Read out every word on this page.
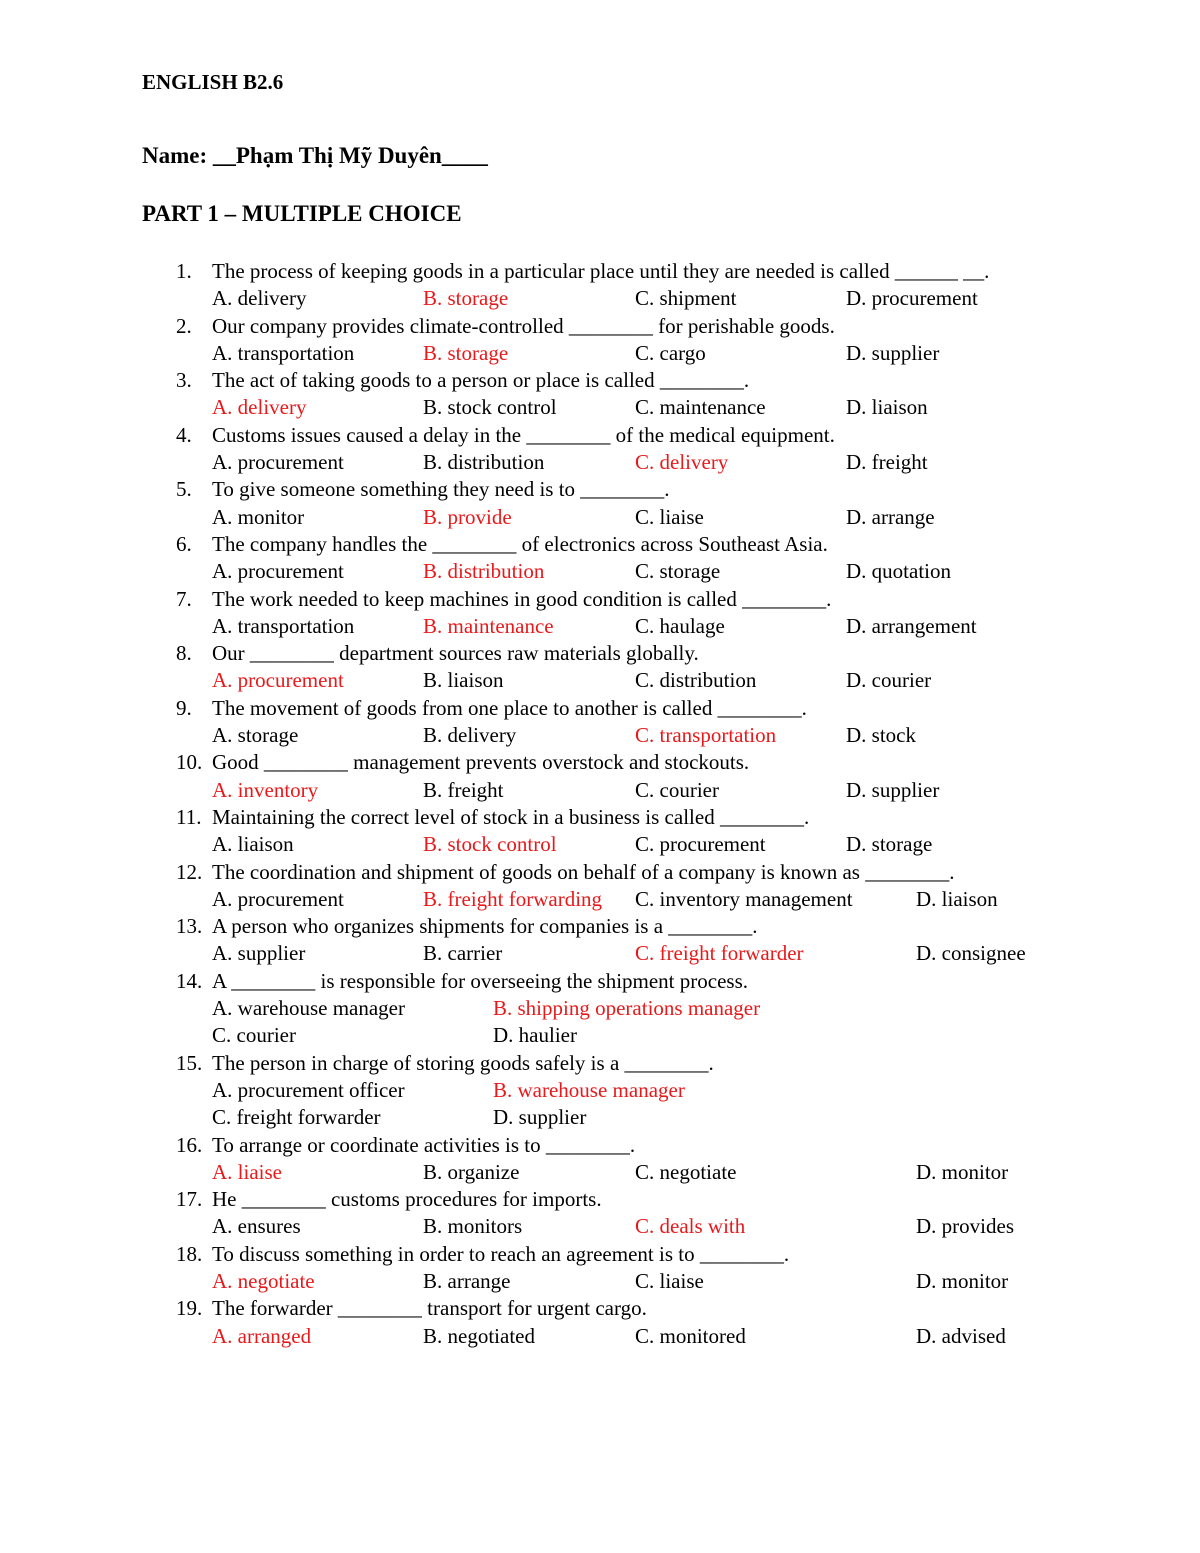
ENGLISH B2.6

Name: __Phạm Thị Mỹ Duyên____

PART 1 – MULTIPLE CHOICE
1. The process of keeping goods in a particular place until they are needed is called ______ __.
A. delivery	B. storage	C. shipment	D. procurement
2. Our company provides climate-controlled ________ for perishable goods.
A. transportation	B. storage	C. cargo	D. supplier
3. The act of taking goods to a person or place is called ________.
A. delivery	B. stock control	C. maintenance	D. liaison
4. Customs issues caused a delay in the ________ of the medical equipment.
A. procurement	B. distribution	C. delivery	D. freight
5. To give someone something they need is to ________.
A. monitor	B. provide	C. liaise	D. arrange
6. The company handles the ________ of electronics across Southeast Asia.
A. procurement	B. distribution	C. storage	D. quotation
7. The work needed to keep machines in good condition is called ________.
A. transportation	B. maintenance	C. haulage	D. arrangement
8. Our ________ department sources raw materials globally.
A. procurement	B. liaison	C. distribution	D. courier
9. The movement of goods from one place to another is called ________.
A. storage	B. delivery	C. transportation	D. stock
10. Good ________ management prevents overstock and stockouts.
A. inventory	B. freight	C. courier	D. supplier
11. Maintaining the correct level of stock in a business is called ________.
A. liaison	B. stock control	C. procurement	D. storage
12. The coordination and shipment of goods on behalf of a company is known as ________.
A. procurement	B. freight forwarding C. inventory management	D. liaison
13. A person who organizes shipments for companies is a ________.
A. supplier	B. carrier	C. freight forwarder	D. consignee
14. A ________ is responsible for overseeing the shipment process.
A. warehouse manager	B. shipping operations manager
C. courier	D. haulier
15. The person in charge of storing goods safely is a ________.
A. procurement officer	B. warehouse manager
C. freight forwarder	D. supplier
16. To arrange or coordinate activities is to ________.
A. liaise	B. organize	C. negotiate	D. monitor
17. He ________ customs procedures for imports.
A. ensures	B. monitors	C. deals with	D. provides
18. To discuss something in order to reach an agreement is to ________.
A. negotiate	B. arrange	C. liaise	D. monitor
19. The forwarder ________ transport for urgent cargo.
A. arranged	B. negotiated	C. monitored	D. advised
